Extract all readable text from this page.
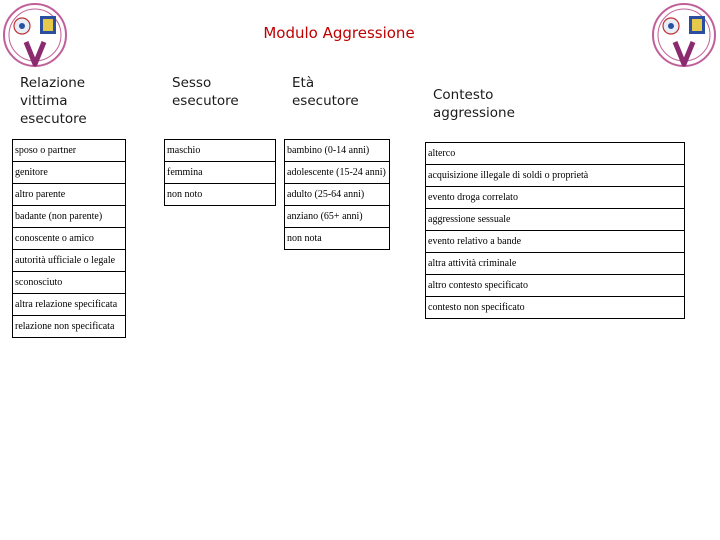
Modulo Aggressione
Relazione
vittima
esecutore
Sesso
esecutore
Età
esecutore	Contesto
aggressione
sposo o partner
genitore
altro parente
badante (non parente)
conoscente o amico
autorità ufficiale o legale
sconosciuto
altra relazione specificata
relazione non specificata
maschio
femmina
non noto
bambino (0-14 anni)
adolescente (15-24 anni)
adulto (25-64 anni)
anziano (65+ anni)
non nota
alterco
acquisizione illegale di soldi o proprietà
evento droga correlato
aggressione sessuale
evento relativo a bande
altra attività criminale
altro contesto specificato
contesto non specificato
